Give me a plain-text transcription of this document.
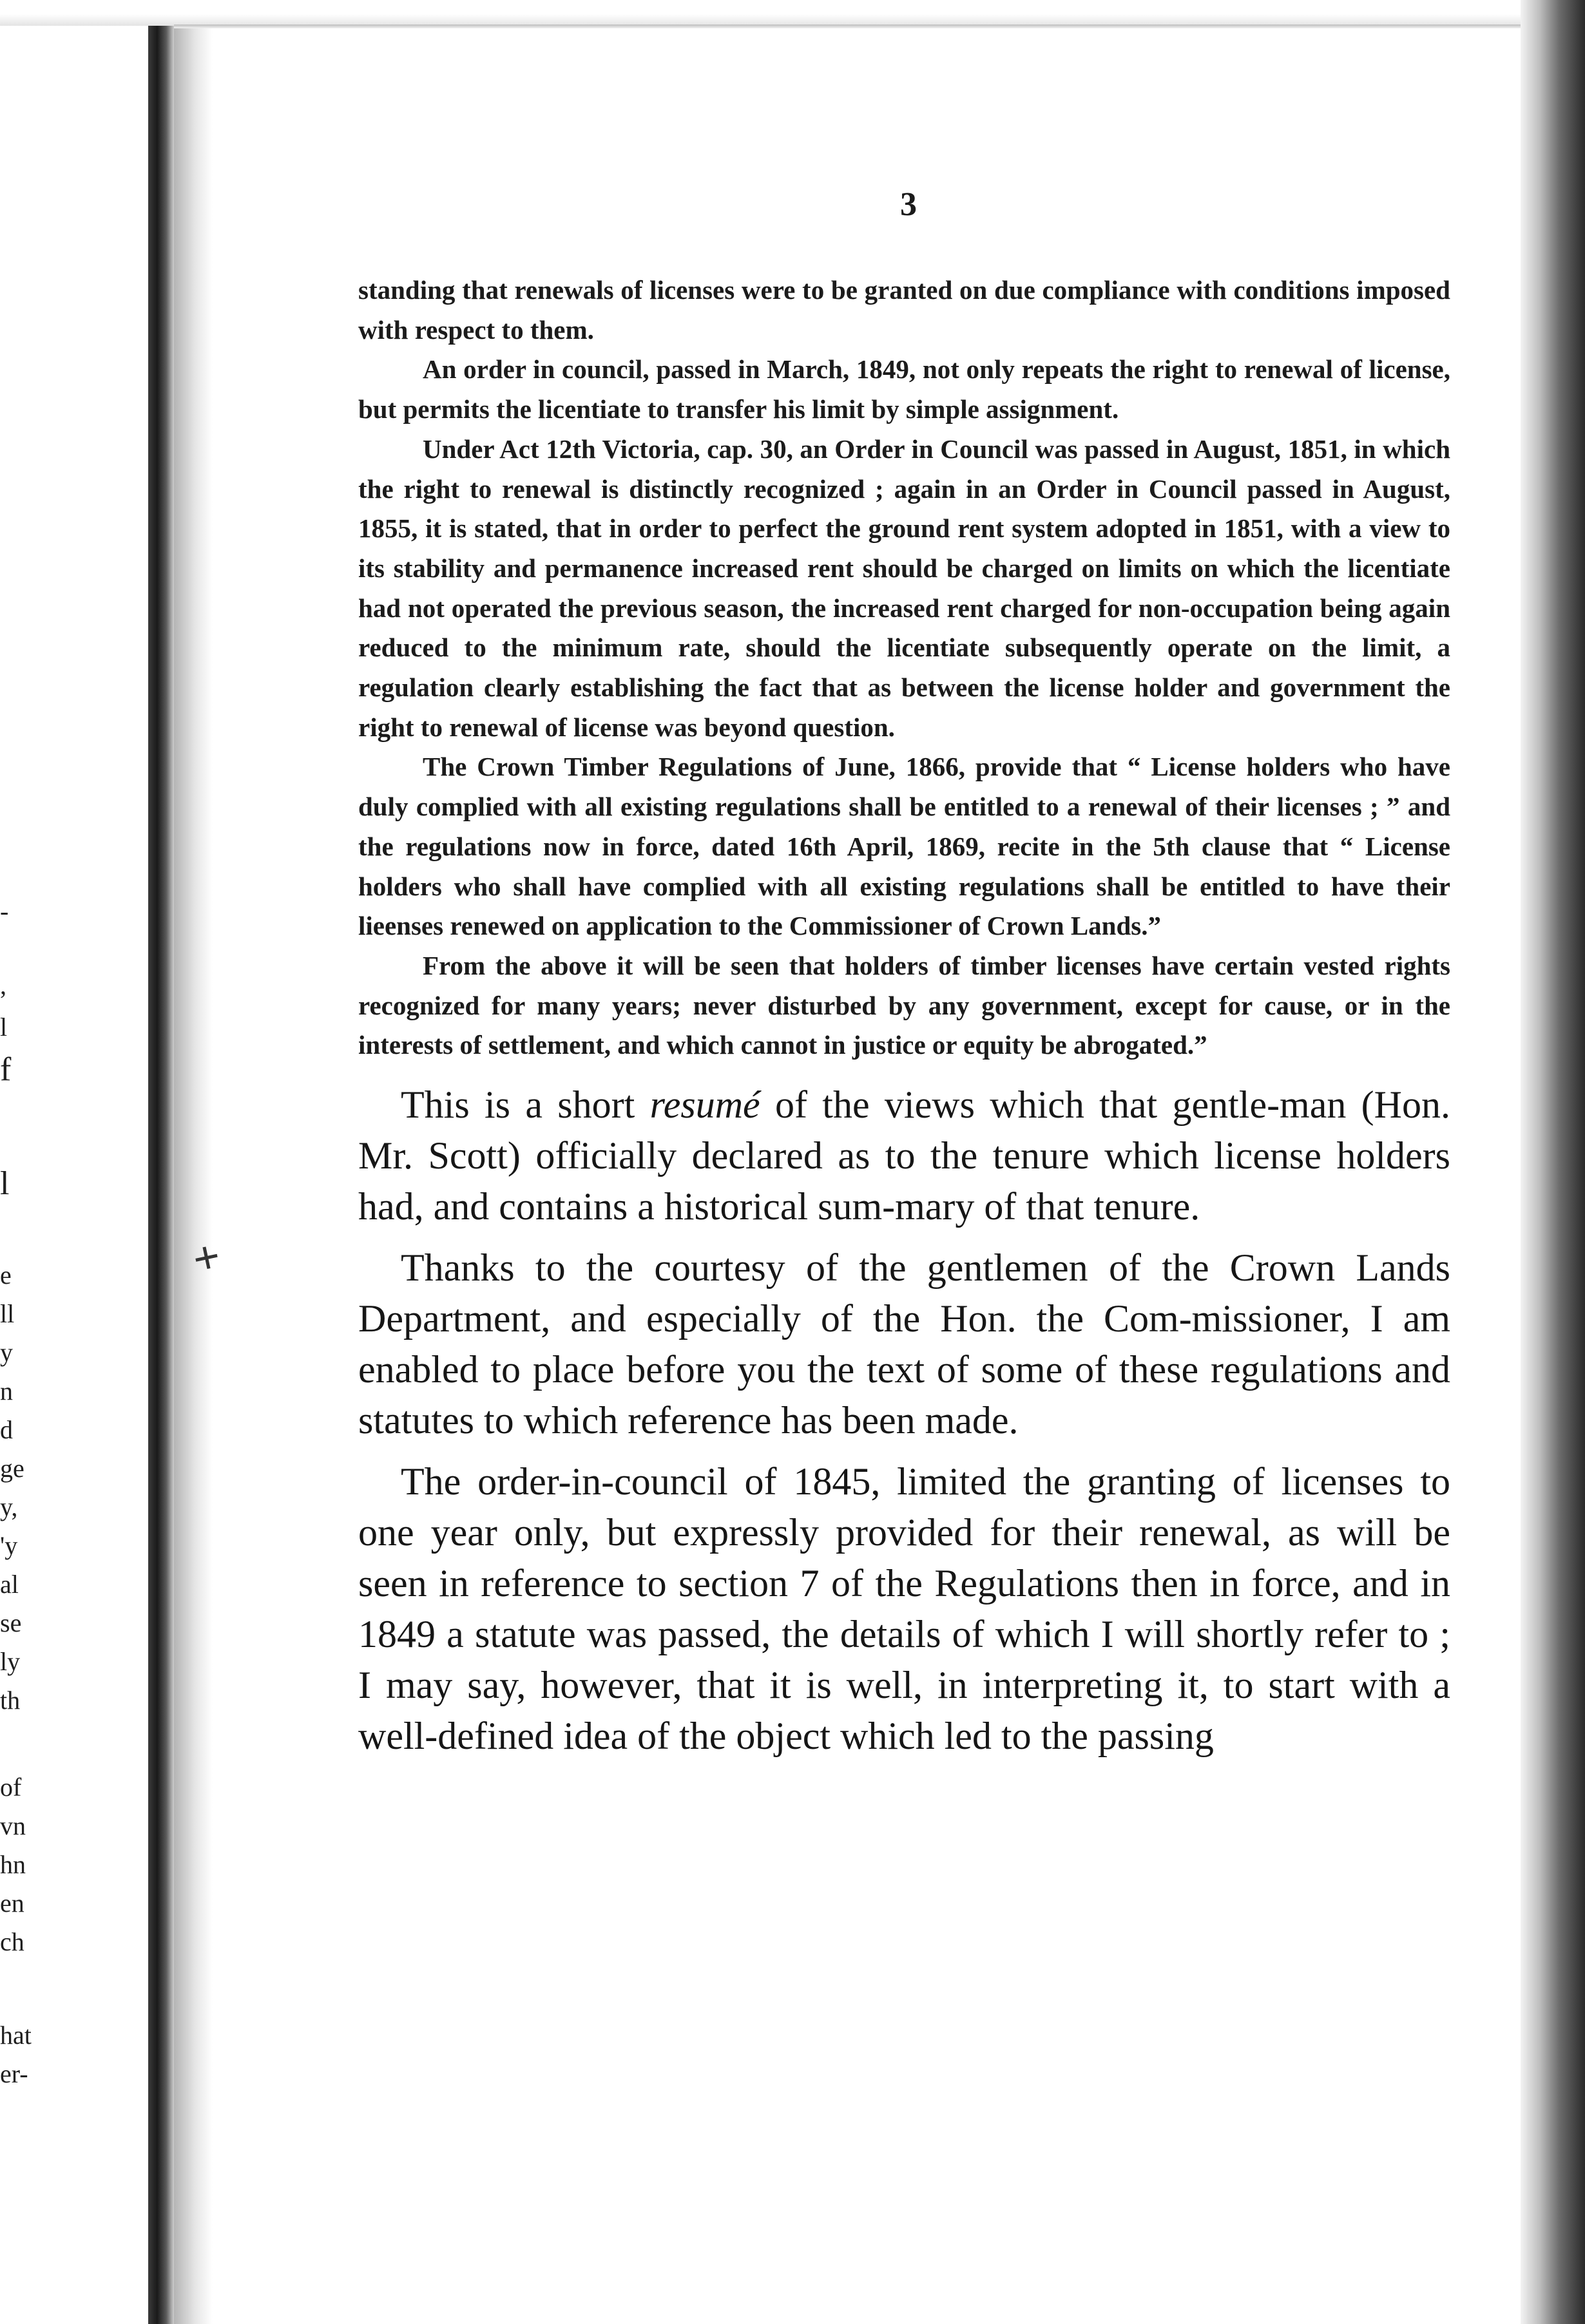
-
,
l
f
l
e
ll
y
n
d
ge
y,
'y
al
se
ly
th
of
vn
hn
en
ch
hat
er-
+
3

standing that renewals of licenses were to be granted on due compliance with conditions imposed with respect to them.

An order in council, passed in March, 1849, not only repeats the right to renewal of license, but permits the licentiate to transfer his limit by simple assignment.

Under Act 12th Victoria, cap. 30, an Order in Council was passed in August, 1851, in which the right to renewal is distinctly recognized ; again in an Order in Council passed in August, 1855, it is stated, that in order to perfect the ground rent system adopted in 1851, with a view to its stability and permanence increased rent should be charged on limits on which the licentiate had not operated the previous season, the increased rent charged for non-occupation being again reduced to the minimum rate, should the licentiate subsequently operate on the limit, a regulation clearly establishing the fact that as between the license holder and government the right to renewal of license was beyond question.

The Crown Timber Regulations of June, 1866, provide that “ License holders who have duly complied with all existing regulations shall be entitled to a renewal of their licenses ; ” and the regulations now in force, dated 16th April, 1869, recite in the 5th clause that “ License holders who shall have complied with all existing regulations shall be entitled to have their lieenses renewed on application to the Commissioner of Crown Lands.”

From the above it will be seen that holders of timber licenses have certain vested rights recognized for many years; never disturbed by any government, except for cause, or in the interests of settlement, and which cannot in justice or equity be abrogated.”

This is a short resumé of the views which that gentle-man (Hon. Mr. Scott) officially declared as to the tenure which license holders had, and contains a historical sum-mary of that tenure.

Thanks to the courtesy of the gentlemen of the Crown Lands Department, and especially of the Hon. the Com-missioner, I am enabled to place before you the text of some of these regulations and statutes to which reference has been made.

The order-in-council of 1845, limited the granting of licenses to one year only, but expressly provided for their renewal, as will be seen in reference to section 7 of the Regulations then in force, and in 1849 a statute was passed, the details of which I will shortly refer to ; I may say, however, that it is well, in interpreting it, to start with a well-defined idea of the object which led to the passing
